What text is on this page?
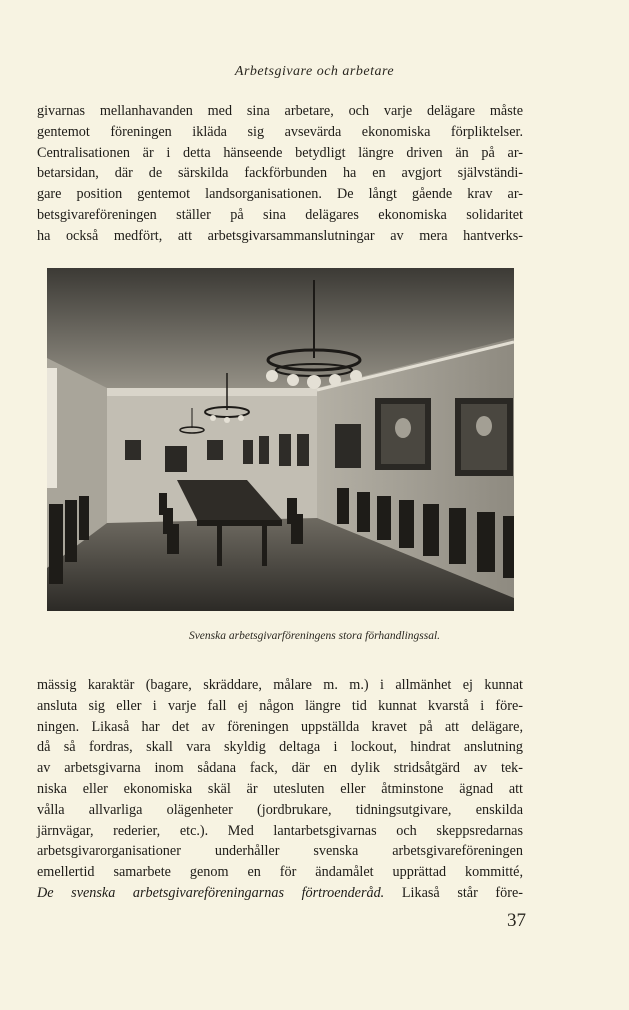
Arbetsgivare och arbetare
givarnas mellanhavanden med sina arbetare, och varje delägare måste
gentemot föreningen ikläda sig avsevärda ekonomiska förpliktelser.
Centralisationen är i detta hänseende betydligt längre driven än på ar-
betarsidan, där de särskilda fackförbunden ha en avgjort självständi-
gare position gentemot landsorganisationen. De långt gående krav ar-
betsgivareföreningen ställer på sina delägares ekonomiska solidaritet
ha också medfört, att arbetsgivarsammanslutningar av mera hantverks-
Svenska arbetsgivarföreningens stora förhandlingssal.
mässig karaktär (bagare, skräddare, målare m. m.) i allmänhet ej kunnat
ansluta sig eller i varje fall ej någon längre tid kunnat kvarstå i före-
ningen. Likaså har det av föreningen uppställda kravet på att delägare,
då så fordras, skall vara skyldig deltaga i lockout, hindrat anslutning
av arbetsgivarna inom sådana fack, där en dylik stridsåtgärd av tek-
niska eller ekonomiska skäl är utesluten eller åtminstone ägnad att
vålla allvarliga olägenheter (jordbrukare, tidningsutgivare, enskilda
järnvägar, rederier, etc.). Med lantarbetsgivarnas och skeppsredarnas
arbetsgivarorganisationer underhåller svenska arbetsgivareföreningen
emellertid samarbete genom en för ändamålet upprättad kommitté,
De svenska arbetsgivareföreningarnas förtroenderåd. Likaså står före-
37
